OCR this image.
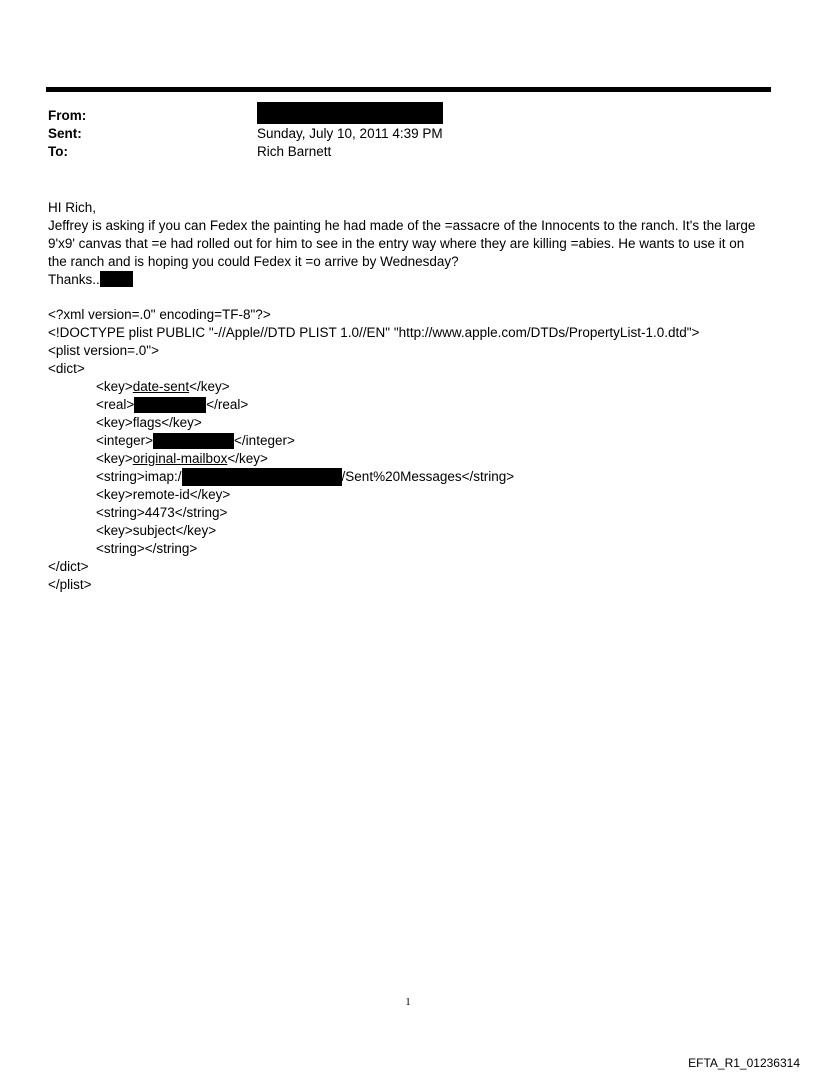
From:
Sent:	Sunday, July 10, 2011 4:39 PM
To:	Rich Barnett

HI Rich,

Jeffrey is asking if you can Fedex the painting he had made of the =assacre of the Innocents to the ranch. It's the large

9'x9' canvas that =e had rolled out for him to see in the entry way where they are killing =abies. He wants to use it on

the ranch and is hoping you could Fedex it =o arrive by Wednesday?

Thanks..

<?xml version=.0" encoding=TF-8"?>
<!DOCTYPE plist PUBLIC "-//Apple//DTD PLIST 1.0//EN" "http://www.apple.com/DTDs/PropertyList-1.0.dtd">
<plist version=.0">
<dict>
<key>date-sent</key>
<real>	</real>
<key>flags</key>
<integer>	</integer>
<key>original-mailbox</key>
<string>imap:/	/Sent%20Messages</string>
<key>remote-id</key>
<string>4473</string>
<key>subject</key>
<string></string>
</dict>
</plist>
1
EFTA_R1_01236314
